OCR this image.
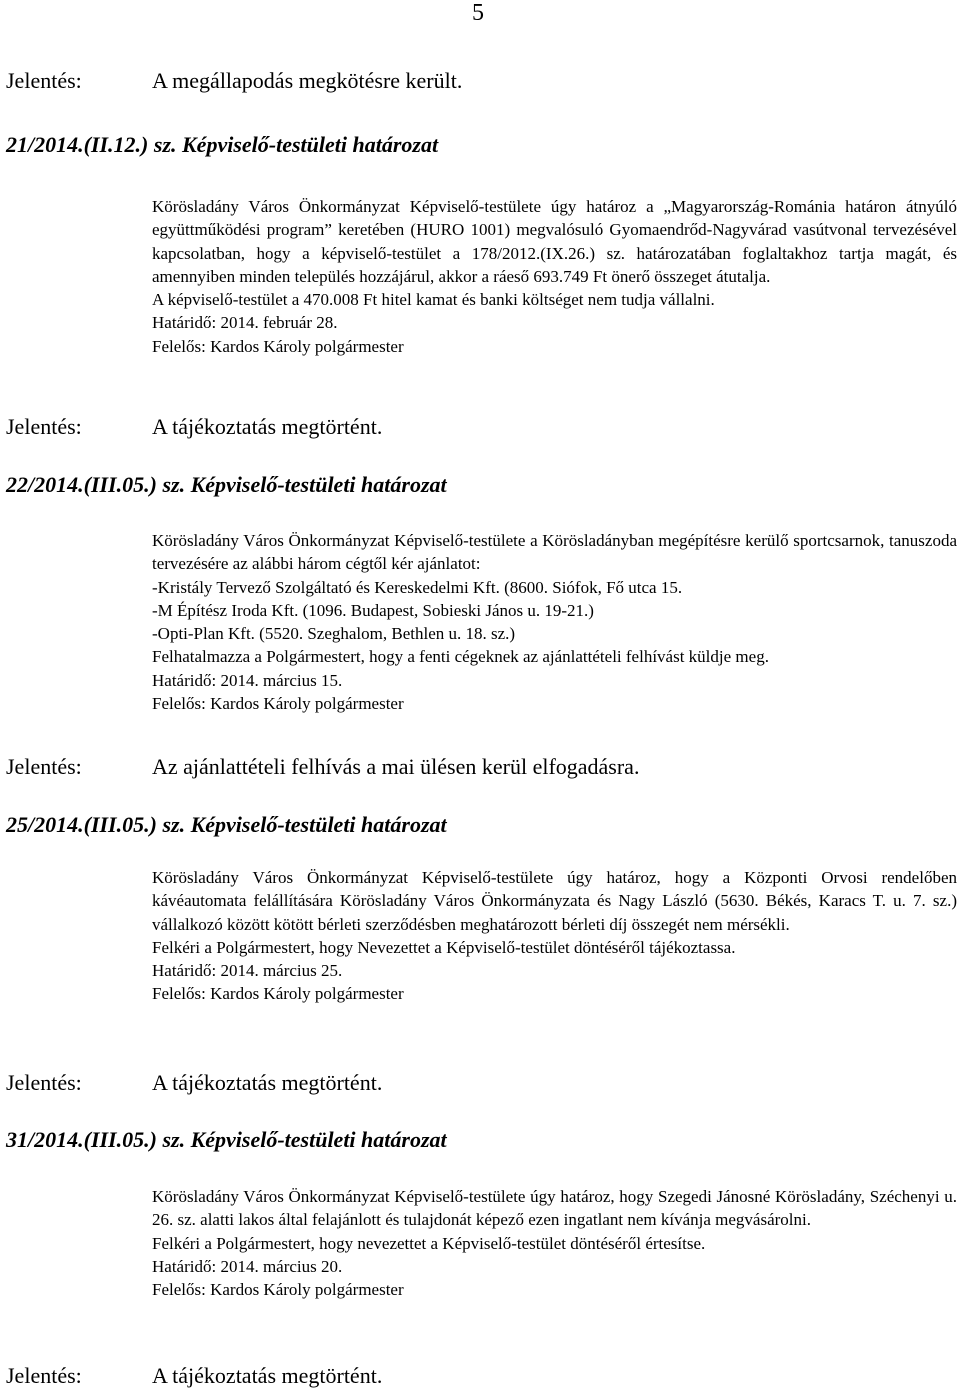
5
Jelentés:	A megállapodás megkötésre került.
21/2014.(II.12.) sz. Képviselő-testületi határozat

Körösladány Város Önkormányzat Képviselő-testülete úgy határoz a „Magyarország-Románia határon átnyúló együttműködési program” keretében (HURO 1001) megvalósuló Gyomaendrőd-Nagyvárad vasútvonal tervezésével kapcsolatban, hogy a képviselő-testület a 178/2012.(IX.26.) sz. határozatában foglaltakhoz tartja magát, és amennyiben minden település hozzájárul, akkor a ráeső 693.749 Ft önerő összeget átutalja.

A képviselő-testület a 470.008 Ft hitel kamat és banki költséget nem tudja vállalni.

Határidő: 2014. február 28.

Felelős: Kardos Károly polgármester

Jelentés:	A tájékoztatás megtörtént.
22/2014.(III.05.) sz. Képviselő-testületi határozat

Körösladány Város Önkormányzat Képviselő-testülete a Körösladányban megépítésre kerülő sportcsarnok, tanuszoda tervezésére az alábbi három cégtől kér ajánlatot:

-Kristály Tervező Szolgáltató és Kereskedelmi Kft. (8600. Siófok, Fő utca 15.

-M Építész Iroda Kft. (1096. Budapest, Sobieski János u. 19-21.)

-Opti-Plan Kft. (5520. Szeghalom, Bethlen u. 18. sz.)

Felhatalmazza a Polgármestert, hogy a fenti cégeknek az ajánlattételi felhívást küldje meg.

Határidő: 2014. március 15.

Felelős: Kardos Károly polgármester

Jelentés:	Az ajánlattételi felhívás a mai ülésen kerül elfogadásra.
25/2014.(III.05.) sz. Képviselő-testületi határozat

Körösladány Város Önkormányzat Képviselő-testülete úgy határoz, hogy a Központi Orvosi rendelőben kávéautomata felállítására Körösladány Város Önkormányzata és Nagy László (5630. Békés, Karacs T. u. 7. sz.) vállalkozó között kötött bérleti szerződésben meghatározott bérleti díj összegét nem mérsékli.

Felkéri a Polgármestert, hogy Nevezettet a Képviselő-testület döntéséről tájékoztassa.

Határidő: 2014. március 25.

Felelős: Kardos Károly polgármester

Jelentés:	A tájékoztatás megtörtént.
31/2014.(III.05.) sz. Képviselő-testületi határozat

Körösladány Város Önkormányzat Képviselő-testülete úgy határoz, hogy Szegedi Jánosné Körösladány, Széchenyi u. 26. sz. alatti lakos által felajánlott és tulajdonát képező ezen ingatlant nem kívánja megvásárolni.

Felkéri a Polgármestert, hogy nevezettet a Képviselő-testület döntéséről értesítse.

Határidő: 2014. március 20.

Felelős: Kardos Károly polgármester

Jelentés:	A tájékoztatás megtörtént.
